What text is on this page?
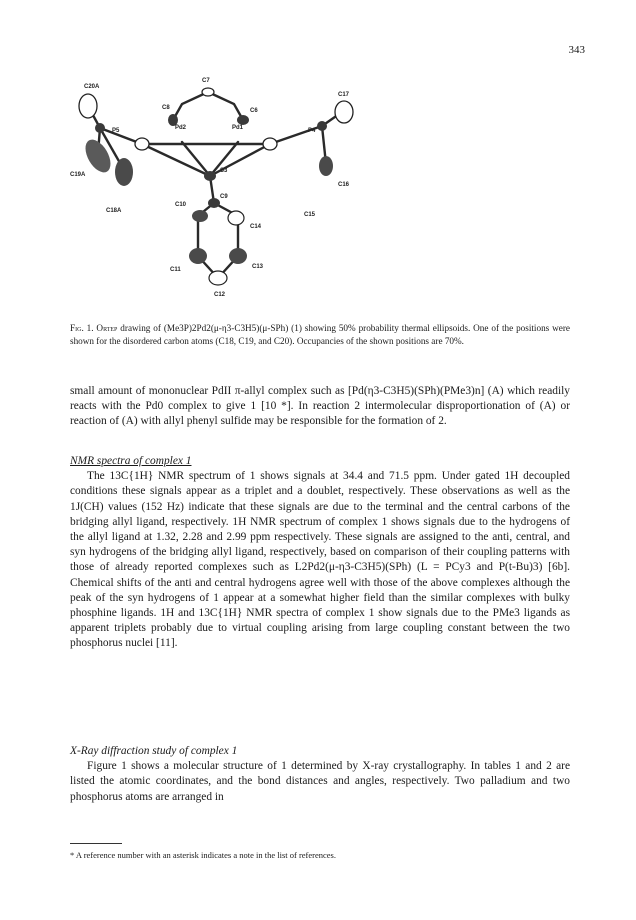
343
C7
C8	C6
C20A
Pd2	Pd1
C17
P5	P4
C19A
S3
C16
C9
C10
C18A
C14
C15
C11	C13
C12
Fig. 1. Ortep drawing of (Me3P)2Pd2(μ-η3-C3H5)(μ-SPh) (1) showing 50% probability thermal ellipsoids. One of the positions were shown for the disordered carbon atoms (C18, C19, and C20). Occupancies of the shown positions are 70%.

small amount of mononuclear PdII π-allyl complex such as [Pd(η3-C3H5)(SPh)(PMe3)n] (A) which readily reacts with the Pd0 complex to give 1 [10 *]. In reaction 2 intermolecular disproportionation of (A) or reaction of (A) with allyl phenyl sulfide may be responsible for the formation of 2.

NMR spectra of complex 1

The 13C{1H} NMR spectrum of 1 shows signals at 34.4 and 71.5 ppm. Under gated 1H decoupled conditions these signals appear as a triplet and a doublet, respectively. These observations as well as the 1J(CH) values (152 Hz) indicate that these signals are due to the terminal and the central carbons of the bridging allyl ligand, respectively. 1H NMR spectrum of complex 1 shows signals due to the hydrogens of the allyl ligand at 1.32, 2.28 and 2.99 ppm respectively. These signals are assigned to the anti, central, and syn hydrogens of the bridging allyl ligand, respectively, based on comparison of their coupling patterns with those of already reported complexes such as L2Pd2(μ-η3-C3H5)(SPh) (L = PCy3 and P(t-Bu)3) [6b]. Chemical shifts of the anti and central hydrogens agree well with those of the above complexes although the peak of the syn hydrogens of 1 appear at a somewhat higher field than the similar complexes with bulky phosphine ligands. 1H and 13C{1H} NMR spectra of complex 1 show signals due to the PMe3 ligands as apparent triplets probably due to virtual coupling arising from large coupling constant between the two phosphorus nuclei [11].

X-Ray diffraction study of complex 1

Figure 1 shows a molecular structure of 1 determined by X-ray crystallography. In tables 1 and 2 are listed the atomic coordinates, and the bond distances and angles, respectively. Two palladium and two phosphorus atoms are arranged in

* A reference number with an asterisk indicates a note in the list of references.
